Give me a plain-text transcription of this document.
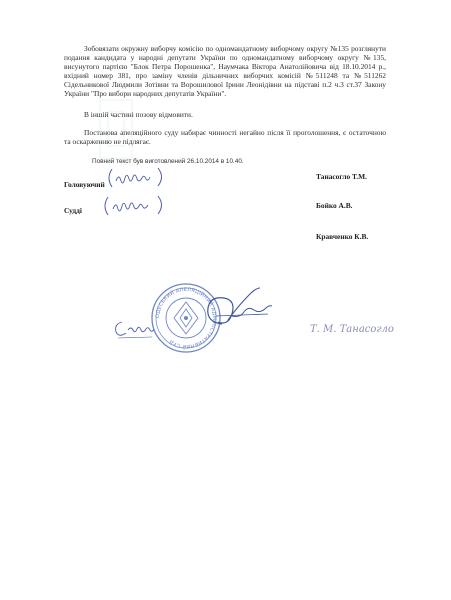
Зобовязати окружну виборчу комісію по одномандатному виборчому округу №135 розглянути подання кандидата у народні депутати України по одномандатному виборчому округу №135, висунутого партією "Блок Петра Порошенка", Наумчака Віктора Анатолійовича від 18.10.2014 р., вхідний номер 381, про заміну членів дільничних виборчих комісій №511248 та №511262 Сідельникової Людмили Зотівни та Ворошилової Ірини Леонідівни на підставі п.2 ч.3 ст.37 Закону України "Про вибори народних депутатів України".
В іншій частині позову відмовити.
Постанова апеляційного суду набирає чинності негайно після її проголошення, є остаточною та оскарженню не підлягає.
Повний текст був виготовлений 26.10.2014 в 10.40.
Головуючий
Судді
Танасогло Т.М.
Бойко А.В.
Кравченко К.В.
ОДЕСЬКИЙ АПЕЛЯЦІЙНИЙ АДМІНІСТРАТИВНИЙ СУД
Т. М. Танасогло
